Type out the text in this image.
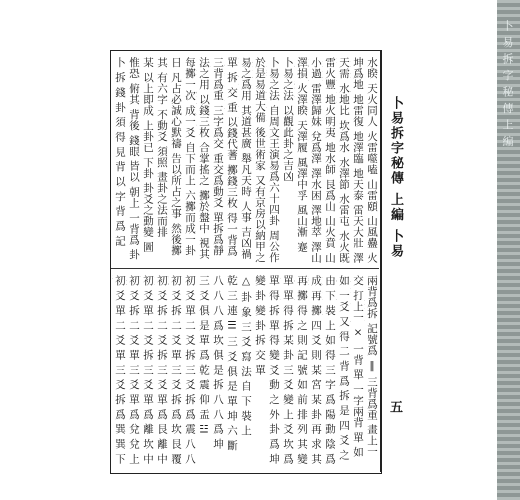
卜 易 拆 字 秘 傳 上 編
卜易拆字秘傳 上編 卜易
五
水睽 天火同人 火雷噬嗑 山雷頤 山風蠱 火
坤爲地 地雷復 地澤臨 地天泰 雷天大壯 澤
天需 水地比 坎爲水 水澤節 水雷屯 水火既
雷火豐 地火明夷 地水師 艮爲山 山火賁 山
小過 雷澤歸妹 兌爲澤 澤水困 澤地萃 澤山
澤損 火澤睽 天澤履 風澤中孚 風山漸 蹇
卜易之法 以觀此卦之吉凶
卜易之法 自周文王演易爲六十四卦 周公作
於是易道大備 後世術家 又有京房以納甲之
易之爲用 其道甚廣 舉凡天時 人事 吉凶禍
單 拆 交 重 以錢代蓍 擲錢三枚 得一背爲
三背爲重 三字爲交 重交爲動爻 單拆爲靜
法之用 以錢三枚 合掌搖之 擲於盤中 視其
每擲一次 成一爻 自下而上 六擲而成一卦
日 凡占必誠心默禱 告以所占之事 然後擲
其 有六字 不動爻 須照 畫卦之法而排
某 以上即成 上卦已 下卦 卦爻之動變 圖
惟恐 俯其 背後 錢眼 皆以 朝上 一背爲 卦
卜 拆 錢 卦 須 得 見 背 以 字 背 爲 記
兩背爲拆 記號爲 ‖ 三背爲重 畫上一
交 打上一 × 一背 單 一字兩背 單 如
如 一爻 又 得 二 背 爲 拆 是 四 爻 之
由 下 裝 上 如 得 三 字 爲 陽 動 陰 爲
成 再 擲 四 爻 則 某 宮 某 卦 再 求 其
再 擲 得 之 則 記 號 如 前 排 列 其 變
單 單 得 拆 某 卦 三 爻 變 上 爻 坎 爲
單 得 拆 單 得 變 爻 動 之 外 卦 爲 坤
變 卦 變 卦 拆 交 單
△ 卦 象 三 爻 寫 法 自 下 裝 上
乾 三 連 ☰ 三 爻 俱 是 單 坤 六 斷
八 八 八 爲 坎 俱 是 拆 八 八 爲 坤
三 爻 俱 是 單 爲 乾 震 仰 盂 ☳
初 爻 單 二 爻 拆 三 爻 拆 爲 震 八 八
初 爻 拆 二 爻 單 三 爻 拆 爲 坎 艮 覆
初 爻 拆 二 爻 拆 三 爻 單 爲 艮 離 中
初 爻 單 二 爻 拆 三 爻 單 爲 離 坎 中
初 爻 拆 二 爻 單 三 爻 單 爲 兌 兌 上
初 爻 單 二 爻 單 三 爻 拆 爲 巽 巽 下
